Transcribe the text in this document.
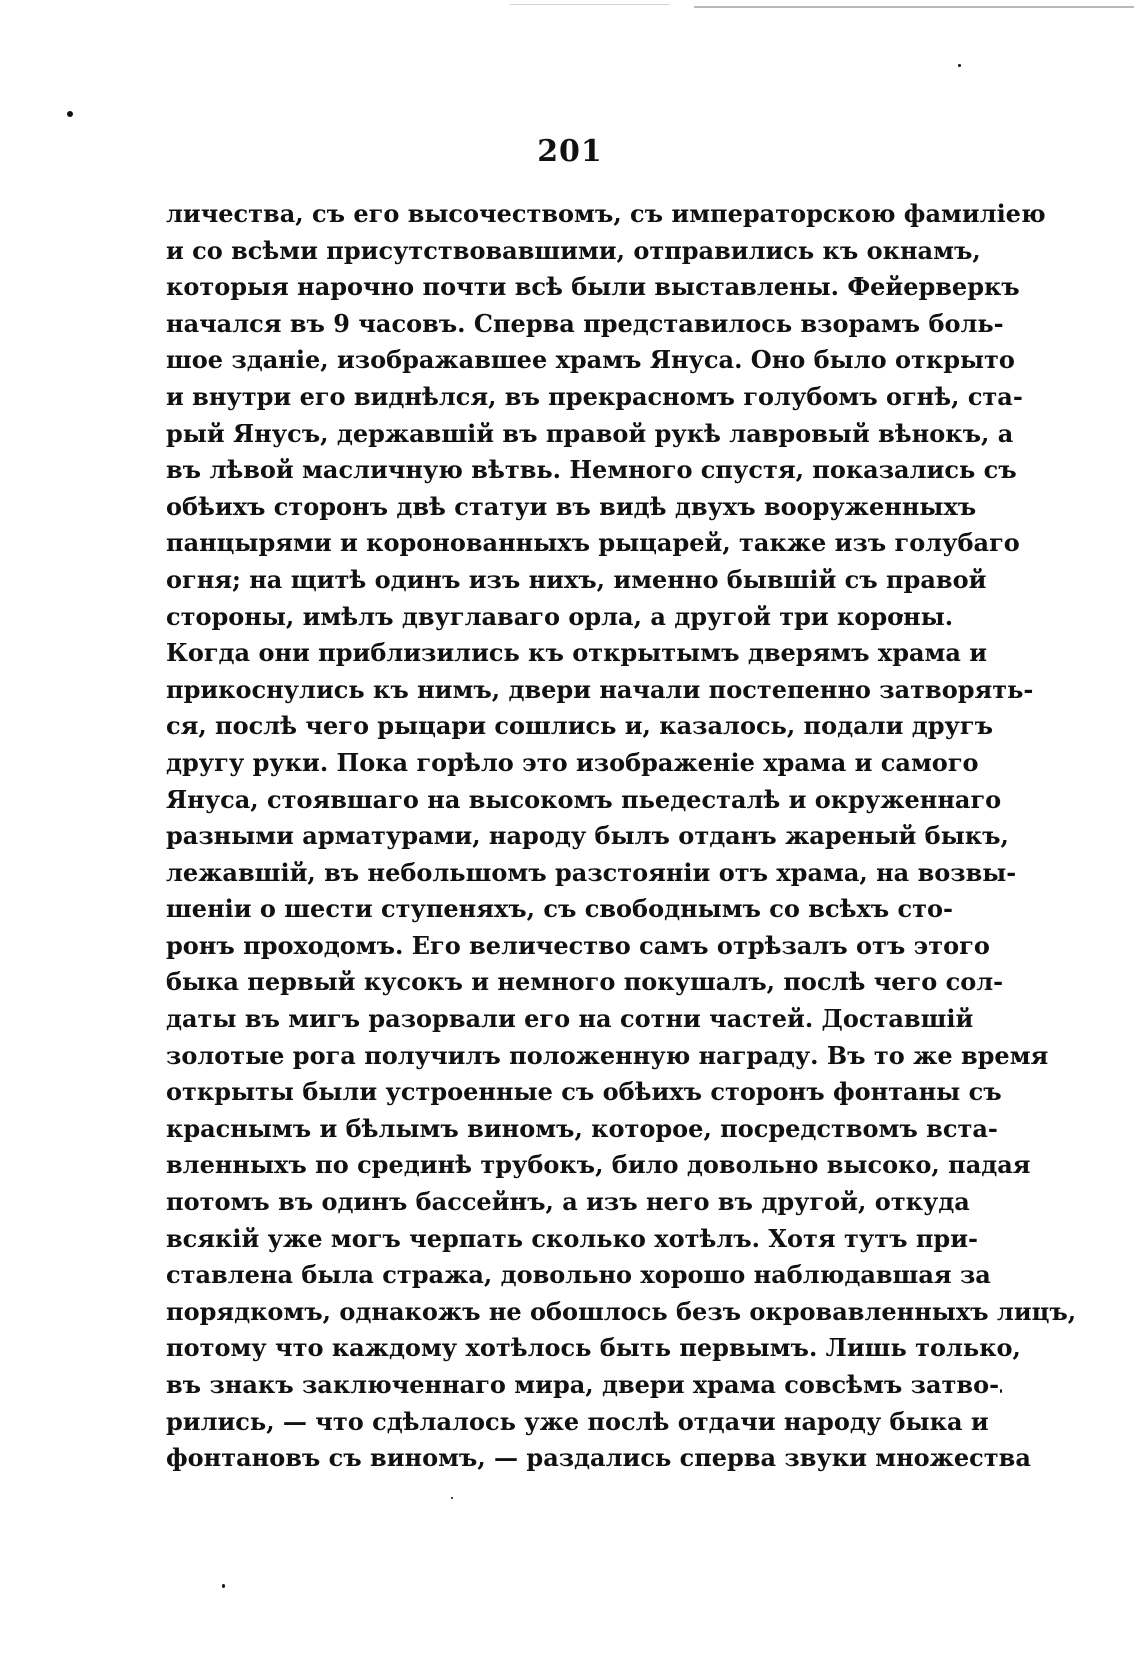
201
личества, съ его высочествомъ, съ императорскою фамиліею
и со всѣми присутствовавшими, отправились къ окнамъ,
которыя нарочно почти всѣ были выставлены. Фейерверкъ
начался въ 9 часовъ. Сперва представилось взорамъ боль-
шое зданіе, изображавшее храмъ Януса. Оно было открыто
и внутри его виднѣлся, въ прекрасномъ голубомъ огнѣ, ста-
рый Янусъ, державшій въ правой рукѣ лавровый вѣнокъ, а
въ лѣвой масличную вѣтвь. Немного спустя, показались съ
обѣихъ сторонъ двѣ статуи въ видѣ двухъ вооруженныхъ
панцырями и коронованныхъ рыцарей, также изъ голубаго
огня; на щитѣ одинъ изъ нихъ, именно бывшій съ правой
стороны, имѣлъ двуглаваго орла, а другой три короны.
Когда они приблизились къ открытымъ дверямъ храма и
прикоснулись къ нимъ, двери начали постепенно затворять-
ся, послѣ чего рыцари сошлись и, казалось, подали другъ
другу руки. Пока горѣло это изображеніе храма и самого
Януса, стоявшаго на высокомъ пьедесталѣ и окруженнаго
разными арматурами, народу былъ отданъ жареный быкъ,
лежавшій, въ небольшомъ разстояніи отъ храма, на возвы-
шеніи о шести ступеняхъ, съ свободнымъ со всѣхъ сто-
ронъ проходомъ. Его величество самъ отрѣзалъ отъ этого
быка первый кусокъ и немного покушалъ, послѣ чего сол-
даты въ мигъ разорвали его на сотни частей. Доставшій
золотые рога получилъ положенную награду. Въ то же время
открыты были устроенные съ обѣихъ сторонъ фонтаны съ
краснымъ и бѣлымъ виномъ, которое, посредствомъ вста-
вленныхъ по срединѣ трубокъ, било довольно высоко, падая
потомъ въ одинъ бассейнъ, а изъ него въ другой, откуда
всякій уже могъ черпать сколько хотѣлъ. Хотя тутъ при-
ставлена была стража, довольно хорошо наблюдавшая за
порядкомъ, однакожъ не обошлось безъ окровавленныхъ лицъ,
потому что каждому хотѣлось быть первымъ. Лишь только,
въ знакъ заключеннаго мира, двери храма совсѣмъ затво-
рились, — что сдѣлалось уже послѣ отдачи народу быка и
фонтановъ съ виномъ, — раздались сперва звуки множества
